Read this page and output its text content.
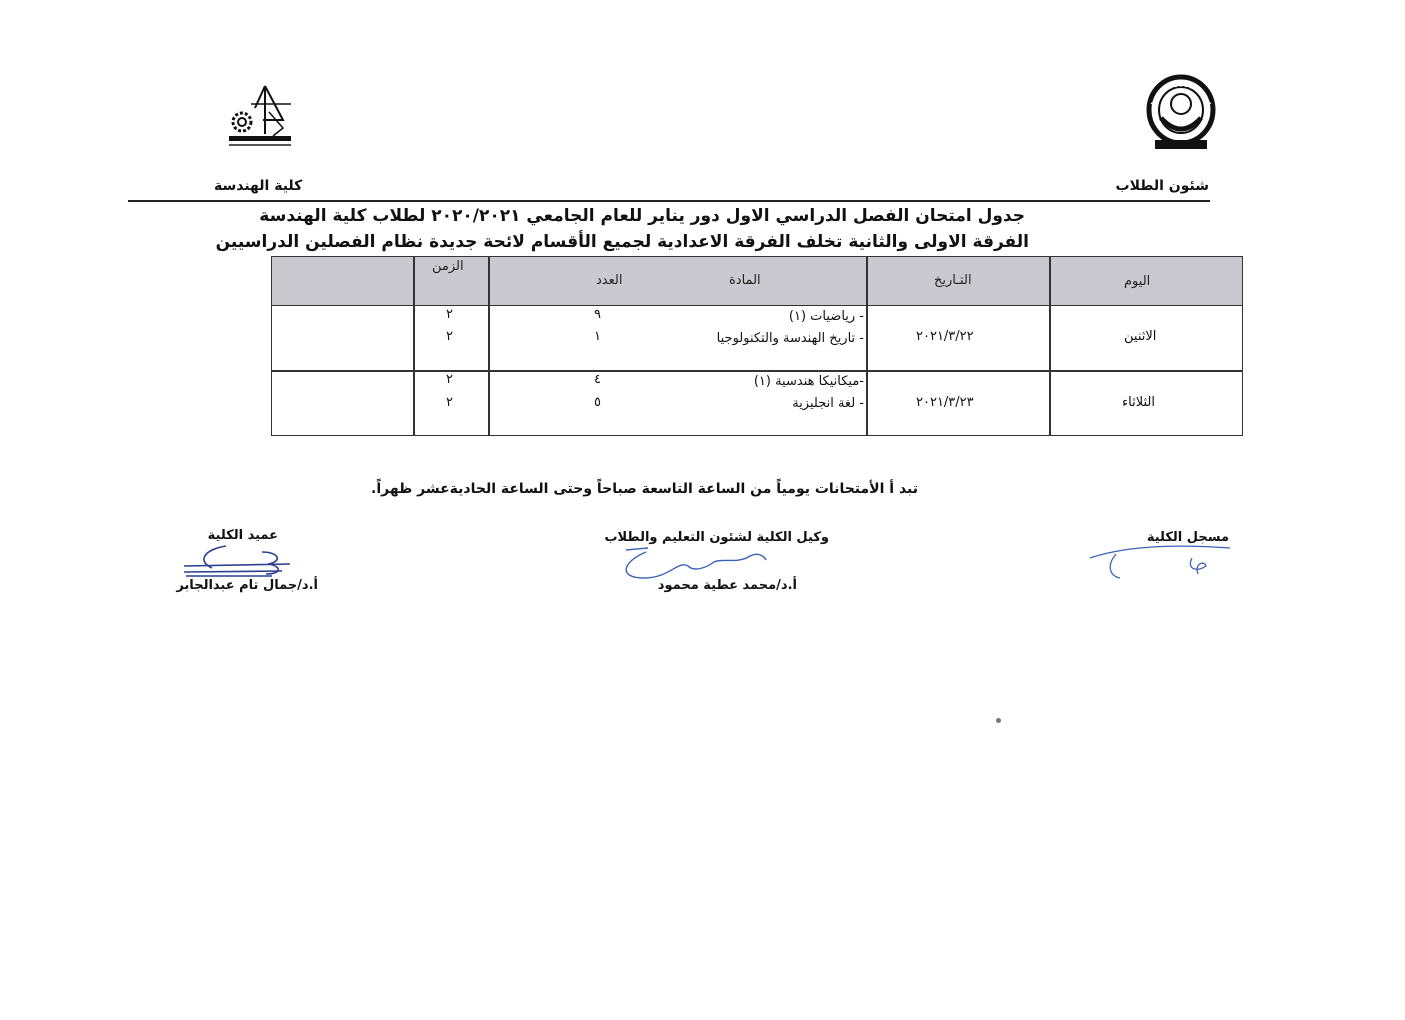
شئون الطلاب
كلية الهندسة
جدول امتحان الفصل الدراسي الاول دور يناير للعام الجامعي ٢٠٢٠/٢٠٢١ لطلاب كلية الهندسة
الفرقة الاولى والثانية تخلف الفرقة الاعدادية لجميع الأقسام لائحة جديدة نظام الفصلين الدراسيين
اليوم
التـاريخ
المادة
العدد
الزمن
الاثنين
٢٠٢١/٣/٢٢
- رياضيات (١)
٩
٢
- تاريخ الهندسة والتكنولوجيا
١
٢
الثلاثاء
٢٠٢١/٣/٢٣
-ميكانيكا هندسية (١)
٤
٢
- لغة انجليزية
٥
٢
تبد أ الأمتحانات يومياً من الساعة التاسعة صباحاً وحتى الساعة الحاديةعشر ظهراً.
مسجل الكلية
وكيل الكلية لشئون التعليم والطلاب
أ.د/محمد عطية محمود
عميد الكلية
أ.د/جمال تام عبدالجابر
